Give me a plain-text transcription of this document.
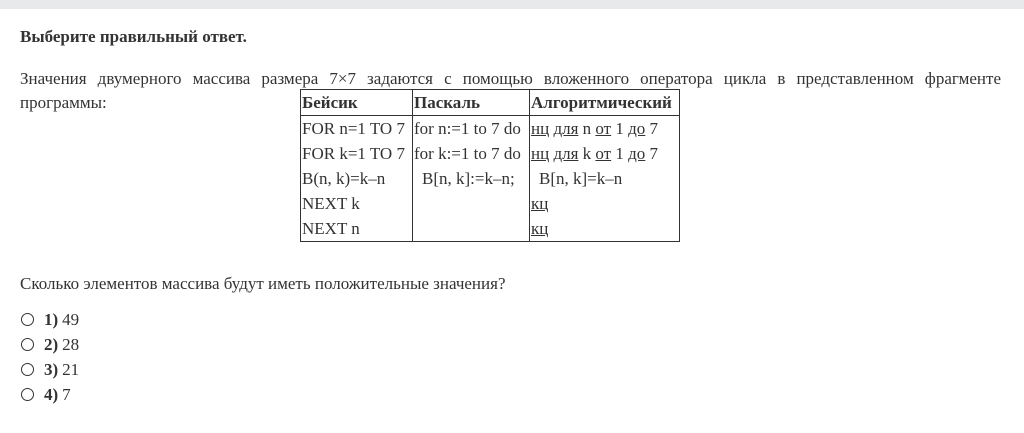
Выберите правильный ответ.

Значения двумерного массива размера 7×7 задаются с помощью вложенного оператора цикла в представленном фрагменте программы:	Бейсик	Паскаль	Алгоритмический
FOR n=1 TO 7	for n:=1 to 7 do	нц для n от 1 до 7
FOR k=1 TO 7	for k:=1 to 7 do	нц для k от 1 до 7
B(n, k)=k–n	B[n, k]:=k–n;	B[n, k]=k–n
NEXT k		кц
NEXT n		кц
Сколько элементов массива будут иметь положительные значения?
1) 49
2) 28
3) 21
4) 7
